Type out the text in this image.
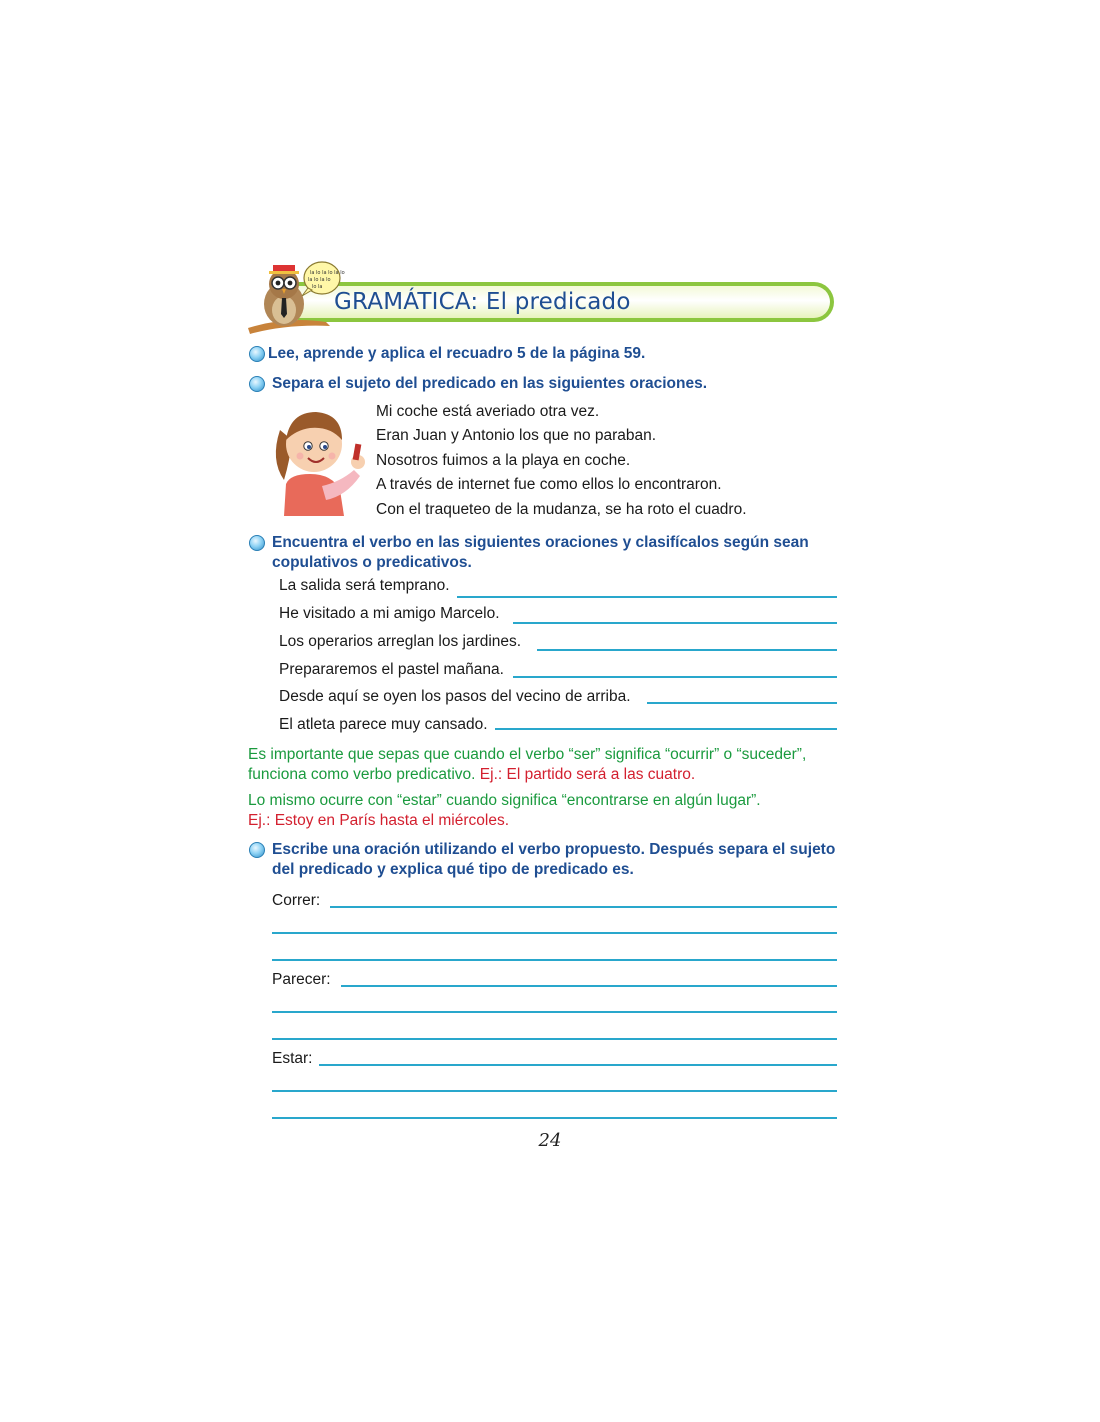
GRAMÁTICA: El predicado
la lo la lo la lo
la lo la lo
lo la
Lee, aprende y aplica el recuadro 5 de la página 59.
Separa el sujeto del predicado en las siguientes oraciones.
Mi coche está averiado otra vez.
Eran Juan y Antonio los que no paraban.
Nosotros fuimos a la playa en coche.
A través de internet fue como ellos lo encontraron.
Con el traqueteo de la mudanza, se ha roto el cuadro.
Encuentra el verbo en las siguientes oraciones y clasifícalos según sean
copulativos o predicativos.
La salida será temprano.
He visitado a mi amigo Marcelo.
Los operarios arreglan los jardines.
Prepararemos el pastel mañana.
Desde aquí se oyen los pasos del vecino de arriba.
El atleta parece muy cansado.
Es importante que sepas que cuando el verbo “ser” significa “ocurrir” o “suceder”,
funciona como verbo predicativo. Ej.: El partido será a las cuatro.
Lo mismo ocurre con “estar” cuando significa “encontrarse en algún lugar”.
Ej.: Estoy en París hasta el miércoles.
Escribe una oración utilizando el verbo propuesto. Después separa el sujeto
del predicado y explica qué tipo de predicado es.
Correr:
Parecer:
Estar:
24
